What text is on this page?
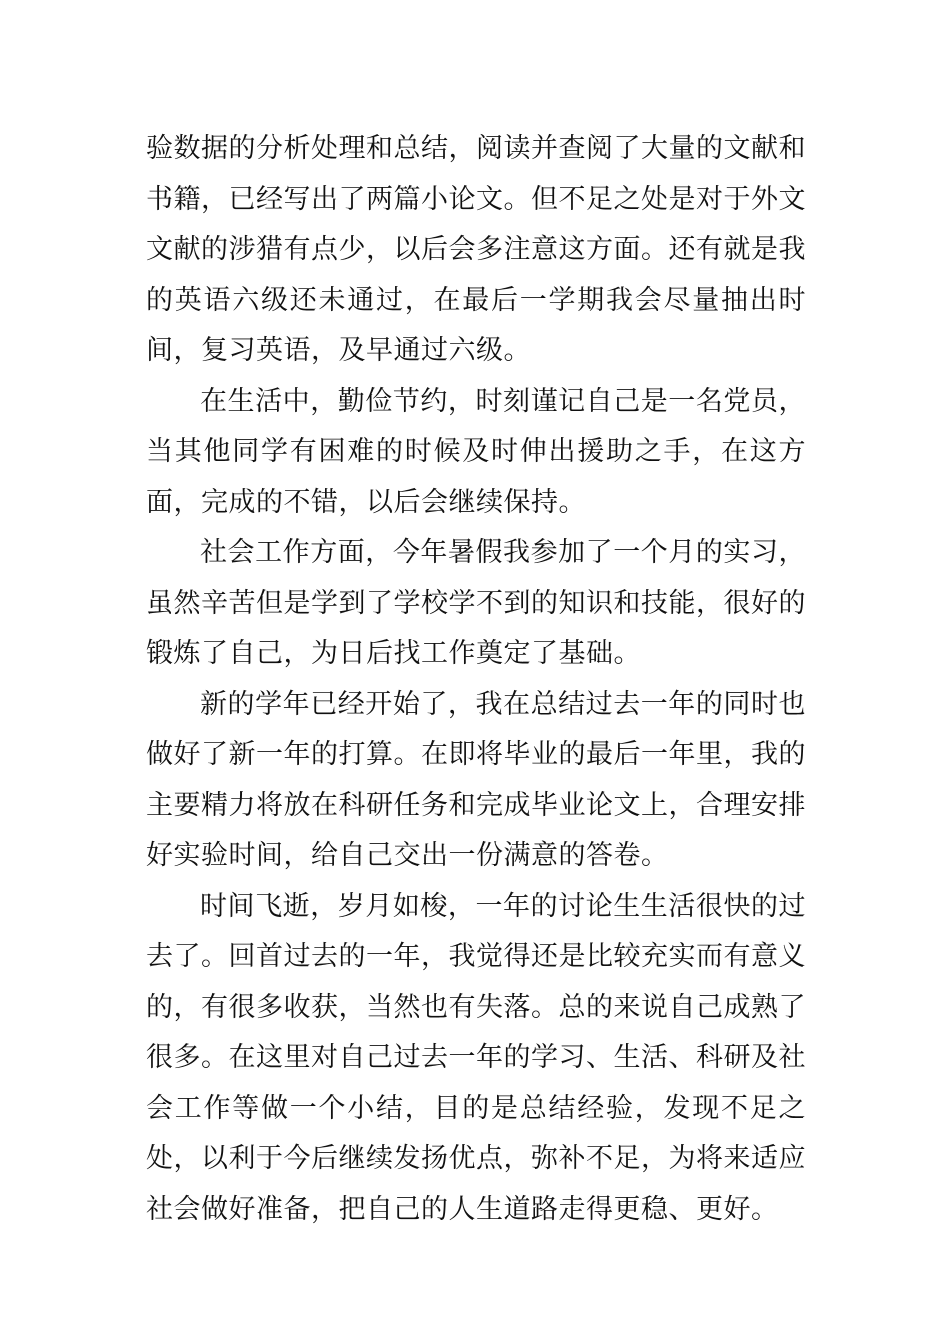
验数据的分析处理和总结，阅读并查阅了大量的文献和书籍，已经写出了两篇小论文。但不足之处是对于外文文献的涉猎有点少，以后会多注意这方面。还有就是我的英语六级还未通过，在最后一学期我会尽量抽出时间，复习英语，及早通过六级。

在生活中，勤俭节约，时刻谨记自己是一名党员，当其他同学有困难的时候及时伸出援助之手，在这方面，完成的不错，以后会继续保持。

社会工作方面，今年暑假我参加了一个月的实习，虽然辛苦但是学到了学校学不到的知识和技能，很好的锻炼了自己，为日后找工作奠定了基础。

新的学年已经开始了，我在总结过去一年的同时也做好了新一年的打算。在即将毕业的最后一年里，我的主要精力将放在科研任务和完成毕业论文上，合理安排好实验时间，给自己交出一份满意的答卷。

时间飞逝，岁月如梭，一年的讨论生生活很快的过去了。回首过去的一年，我觉得还是比较充实而有意义的，有很多收获，当然也有失落。总的来说自己成熟了很多。在这里对自己过去一年的学习、生活、科研及社会工作等做一个小结，目的是总结经验，发现不足之处，以利于今后继续发扬优点，弥补不足，为将来适应社会做好准备，把自己的人生道路走得更稳、更好。
